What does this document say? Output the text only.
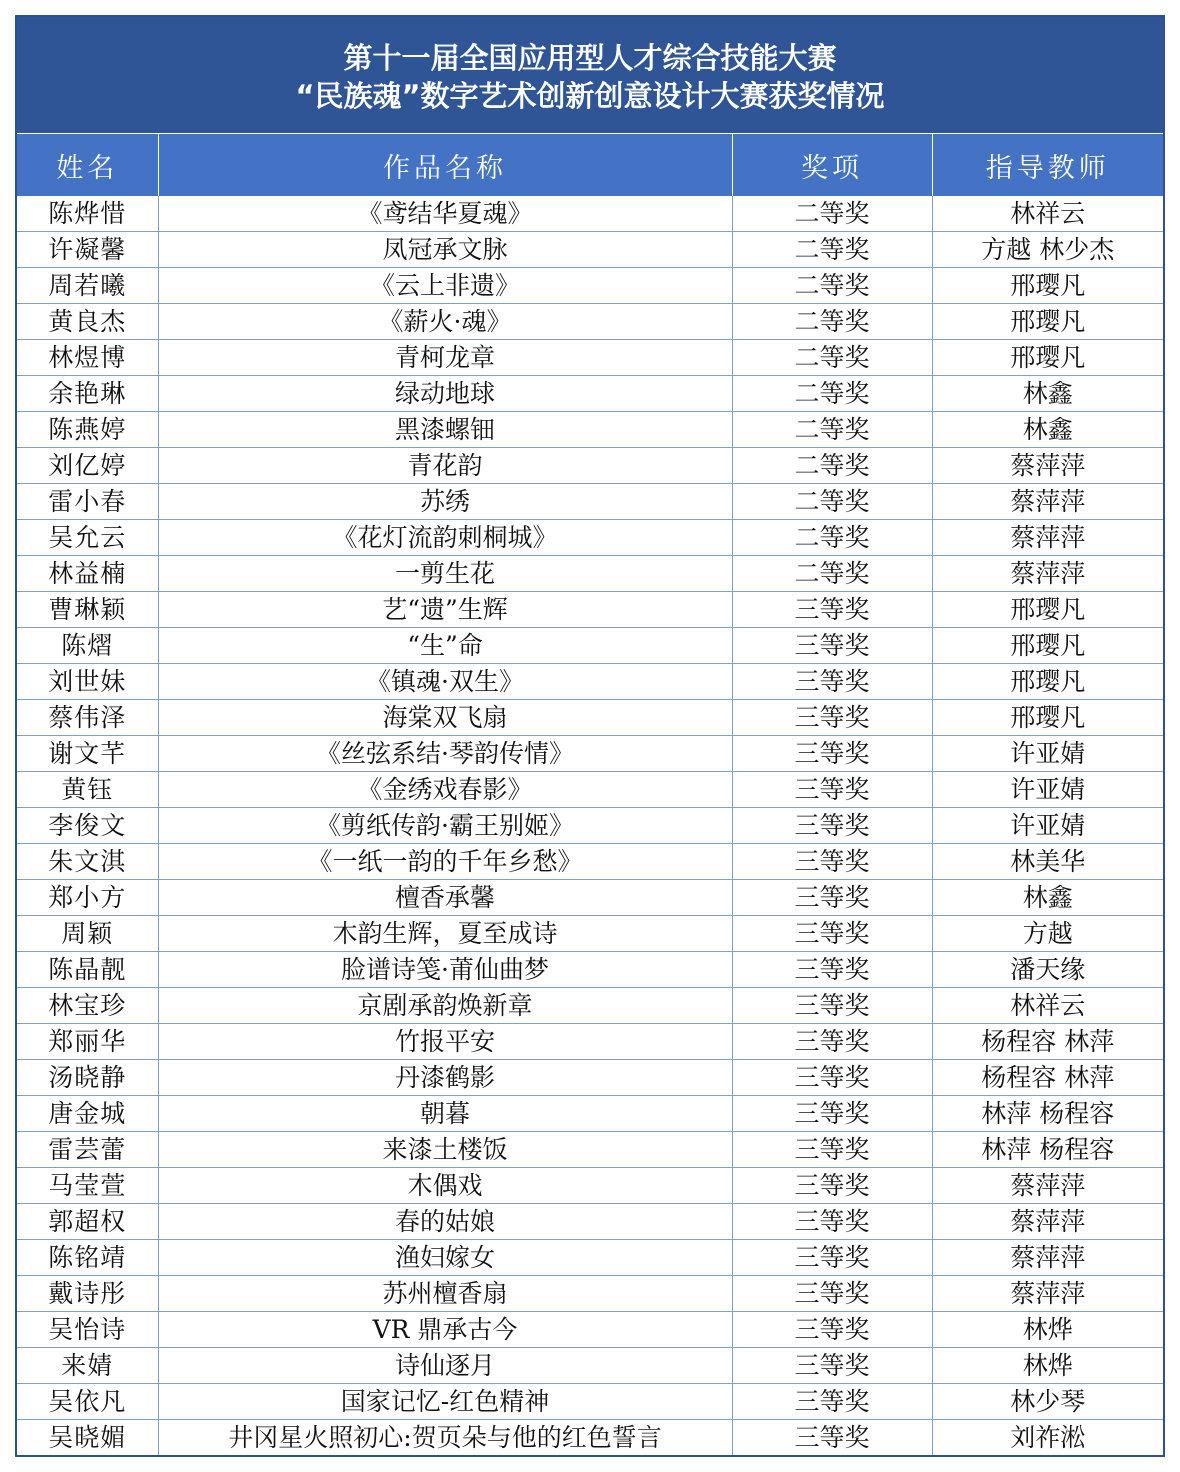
第十一届全国应用型人才综合技能大赛
“民族魂”数字艺术创新创意设计大赛获奖情况
姓名	作品名称	奖项	指导教师
陈烨惜	《鸢结华夏魂》	二等奖	林祥云
许凝馨	凤冠承文脉	二等奖	方越 林少杰
周若曦	《云上非遗》	二等奖	邢璎凡
黄良杰	《薪火·魂》	二等奖	邢璎凡
林煜博	青柯龙章	二等奖	邢璎凡
余艳琳	绿动地球	二等奖	林鑫
陈燕婷	黑漆螺钿	二等奖	林鑫
刘亿婷	青花韵	二等奖	蔡萍萍
雷小春	苏绣	二等奖	蔡萍萍
吴允云	《花灯流韵刺桐城》	二等奖	蔡萍萍
林益楠	一剪生花	二等奖	蔡萍萍
曹琳颖	艺“遗”生辉	三等奖	邢璎凡
陈熠	“生”命	三等奖	邢璎凡
刘世妹	《镇魂·双生》	三等奖	邢璎凡
蔡伟泽	海棠双飞扇	三等奖	邢璎凡
谢文芊	《丝弦系结·琴韵传情》	三等奖	许亚婧
黄钰	《金绣戏春影》	三等奖	许亚婧
李俊文	《剪纸传韵·霸王别姬》	三等奖	许亚婧
朱文淇	《一纸一韵的千年乡愁》	三等奖	林美华
郑小方	檀香承馨	三等奖	林鑫
周颖	木韵生辉，夏至成诗	三等奖	方越
陈晶靓	脸谱诗笺·莆仙曲梦	三等奖	潘天缘
林宝珍	京剧承韵焕新章	三等奖	林祥云
郑丽华	竹报平安	三等奖	杨程容 林萍
汤晓静	丹漆鹤影	三等奖	杨程容 林萍
唐金城	朝暮	三等奖	林萍 杨程容
雷芸蕾	来漆土楼饭	三等奖	林萍 杨程容
马莹萱	木偶戏	三等奖	蔡萍萍
郭超权	春的姑娘	三等奖	蔡萍萍
陈铭靖	渔妇嫁女	三等奖	蔡萍萍
戴诗彤	苏州檀香扇	三等奖	蔡萍萍
吴怡诗	VR 鼎承古今	三等奖	林烨
来婧	诗仙逐月	三等奖	林烨
吴依凡	国家记忆-红色精神	三等奖	林少琴
吴晓媚	井冈星火照初心:贺页朵与他的红色誓言	三等奖	刘祚淞
